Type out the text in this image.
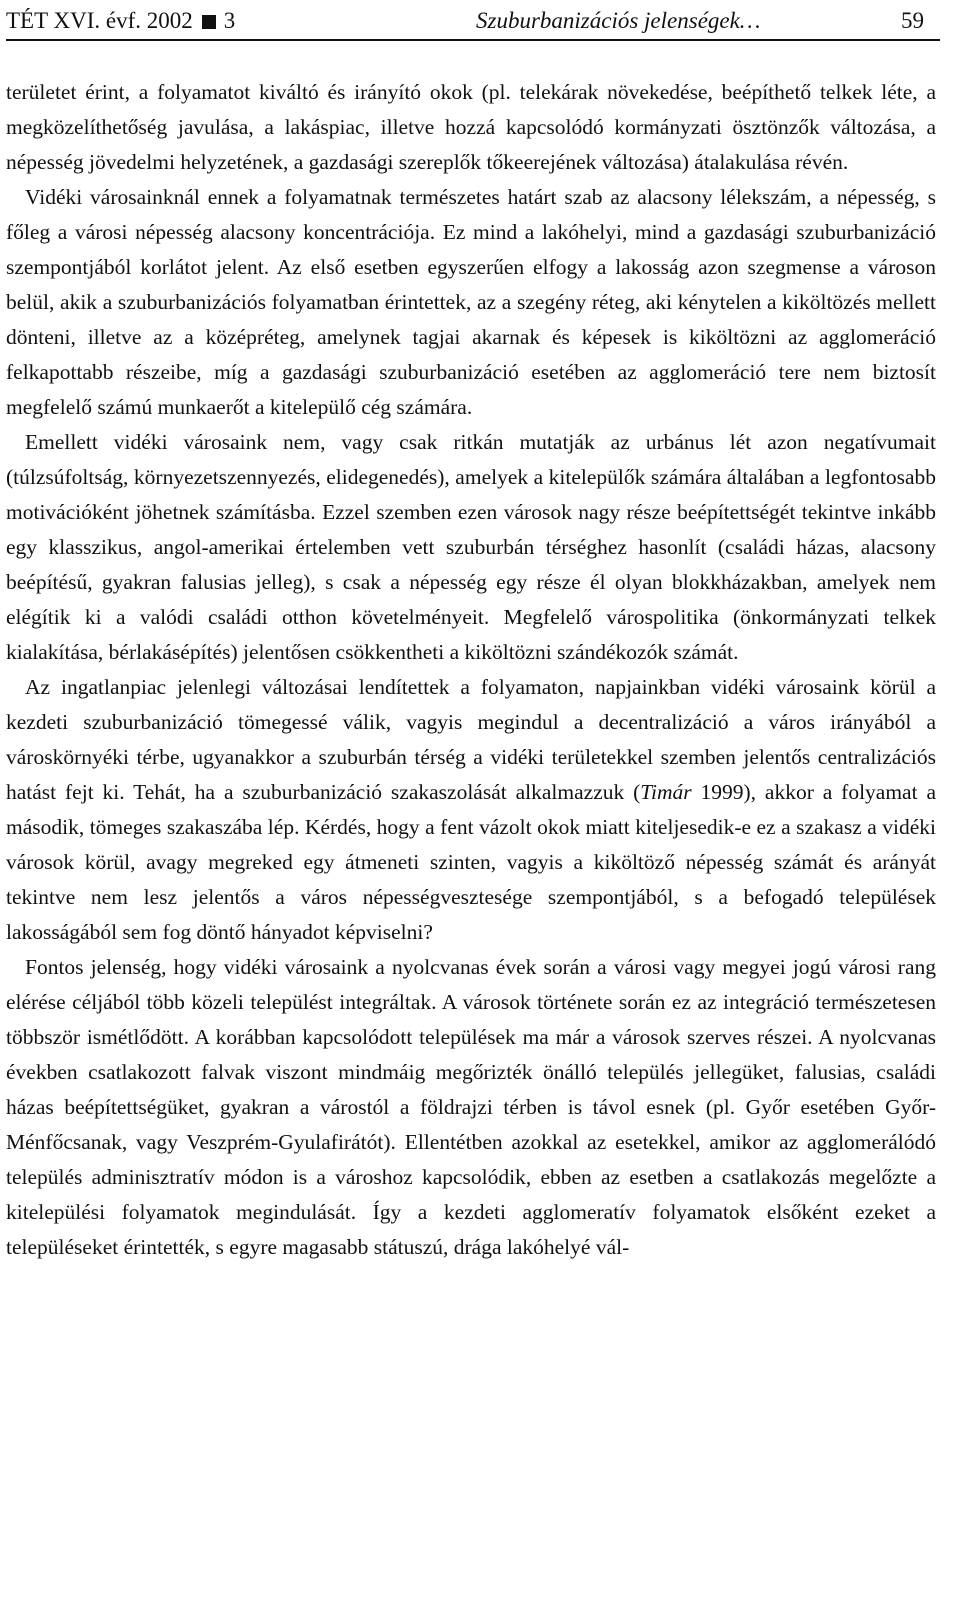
TÉT XVI. évf. 2002 3	Szuburbanizációs jelenségek…	59

területet érint, a folyamatot kiváltó és irányító okok (pl. telekárak növekedése, beépíthető telkek léte, a megközelíthetőség javulása, a lakáspiac, illetve hozzá kapcsolódó kormányzati ösztönzők változása, a népesség jövedelmi helyzetének, a gazdasági szereplők tőkeerejének változása) átalakulása révén.

Vidéki városainknál ennek a folyamatnak természetes határt szab az alacsony lélekszám, a népesség, s főleg a városi népesség alacsony koncentrációja. Ez mind a lakóhelyi, mind a gazdasági szuburbanizáció szempontjából korlátot jelent. Az első esetben egyszerűen elfogy a lakosság azon szegmense a városon belül, akik a szuburbanizációs folyamatban érintettek, az a szegény réteg, aki kénytelen a kiköltözés mellett dönteni, illetve az a középréteg, amelynek tagjai akarnak és képesek is kiköltözni az agglomeráció felkapottabb részeibe, míg a gazdasági szuburbanizáció esetében az agglomeráció tere nem biztosít megfelelő számú munkaerőt a kitelepülő cég számára.

Emellett vidéki városaink nem, vagy csak ritkán mutatják az urbánus lét azon negatívumait (túlzsúfoltság, környezetszennyezés, elidegenedés), amelyek a kitelepülők számára általában a legfontosabb motivációként jöhetnek számításba. Ezzel szemben ezen városok nagy része beépítettségét tekintve inkább egy klasszikus, angol-amerikai értelemben vett szuburbán térséghez hasonlít (családi házas, alacsony beépítésű, gyakran falusias jelleg), s csak a népesség egy része él olyan blokkházakban, amelyek nem elégítik ki a valódi családi otthon követelményeit. Megfelelő várospolitika (önkormányzati telkek kialakítása, bérlakásépítés) jelentősen csökkentheti a kiköltözni szándékozók számát.

Az ingatlanpiac jelenlegi változásai lendítettek a folyamaton, napjainkban vidéki városaink körül a kezdeti szuburbanizáció tömegessé válik, vagyis megindul a decentralizáció a város irányából a városkörnyéki térbe, ugyanakkor a szuburbán térség a vidéki területekkel szemben jelentős centralizációs hatást fejt ki. Tehát, ha a szuburbanizáció szakaszolását alkalmazzuk (Timár 1999), akkor a folyamat a második, tömeges szakaszába lép. Kérdés, hogy a fent vázolt okok miatt kiteljesedik-e ez a szakasz a vidéki városok körül, avagy megreked egy átmeneti szinten, vagyis a kiköltöző népesség számát és arányát tekintve nem lesz jelentős a város népességvesztesége szempontjából, s a befogadó települések lakosságából sem fog döntő hányadot képviselni?

Fontos jelenség, hogy vidéki városaink a nyolcvanas évek során a városi vagy megyei jogú városi rang elérése céljából több közeli települést integráltak. A városok története során ez az integráció természetesen többször ismétlődött. A korábban kapcsolódott települések ma már a városok szerves részei. A nyolcvanas években csatlakozott falvak viszont mindmáig megőrizték önálló település jellegüket, falusias, családi házas beépítettségüket, gyakran a várostól a földrajzi térben is távol esnek (pl. Győr esetében Győr-Ménfőcsanak, vagy Veszprém-Gyulafirátót). Ellentétben azokkal az esetekkel, amikor az agglomerálódó település adminisztratív módon is a városhoz kapcsolódik, ebben az esetben a csatlakozás megelőzte a kitelepülési folyamatok megindulását. Így a kezdeti agglomeratív folyamatok elsőként ezeket a településeket érintették, s egyre magasabb státuszú, drága lakóhelyé vál-
